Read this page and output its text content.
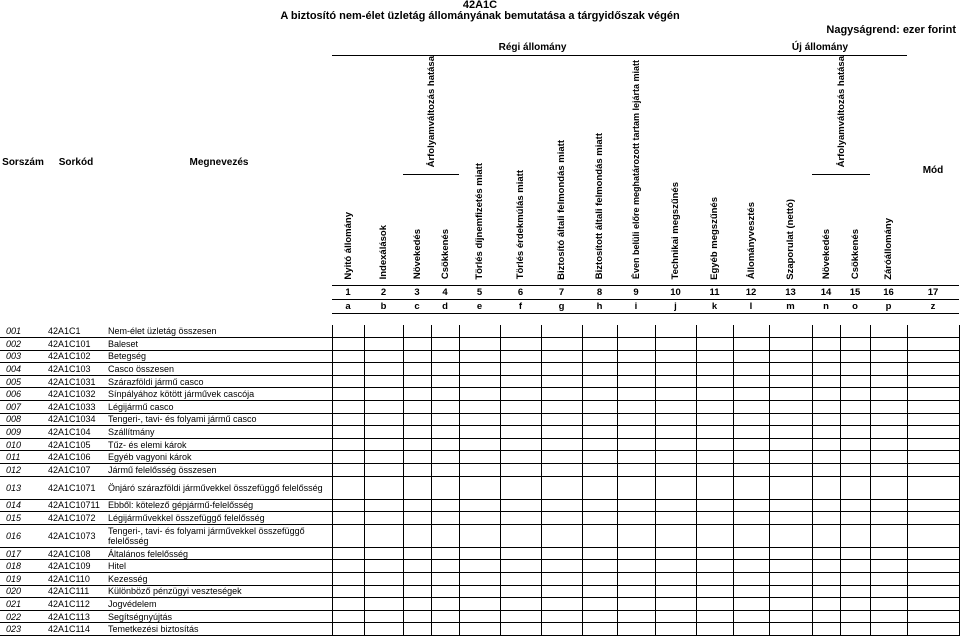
42A1C
A biztosító nem-élet üzletág állományának bemutatása a tárgyidőszak végén
Nagyságrend: ezer forint
Sorszám	Sorkód	Megnevezés	Régi állomány											Új állomány					
			Nyitó állomány	Indexálások	Árfolyamváltozás hatása		Törlés díjnemfizetés miatt	Törlés érdekmúlás miatt	Biztosító általi felmondás miatt	Biztosított általi felmondás miatt	Éven belüli előre meghatározott tartam lejárta miatt	Technikai megszűnés	Egyéb megszűnés	Állományvesztés	Szaporulat (nettó)	Árfolyamváltozás hatása		Záróállomány	Mód
					Növekedés	Csökkenés										Növekedés	Csökkenés		
			1	2	3	4	5	6	7	8	9	10	11	12	13	14	15	16	17
			a	b	c	d	e	f	g	h	i	j	k	l	m	n	o	p	z

001	42A1C1	Nem-élet üzletág összesen																	
002	42A1C101	Baleset																	
003	42A1C102	Betegség																	
004	42A1C103	Casco összesen																	
005	42A1C1031	Szárazföldi jármű casco																	
006	42A1C1032	Sínpályához kötött járművek cascója																	
007	42A1C1033	Légijármű casco																	
008	42A1C1034	Tengeri-, tavi- és folyami jármű casco																	
009	42A1C104	Szállítmány																	
010	42A1C105	Tűz- és elemi károk																	
011	42A1C106	Egyéb vagyoni károk																	
012	42A1C107	Jármű felelősség összesen																	
013	42A1C1071	Önjáró szárazföldi járművekkel összefüggő felelősség																	
014	42A1C10711	Ebből: kötelező gépjármű-felelősség																	
015	42A1C1072	Légijárművekkel összefüggő felelősség																	
016	42A1C1073	Tengeri-, tavi- és folyami járművekkel összefüggő felelősség																	
017	42A1C108	Általános felelősség																	
018	42A1C109	Hitel																	
019	42A1C110	Kezesség																	
020	42A1C111	Különböző pénzügyi veszteségek																	
021	42A1C112	Jogvédelem																	
022	42A1C113	Segítségnyújtás																	
023	42A1C114	Temetkezési biztosítás																	
